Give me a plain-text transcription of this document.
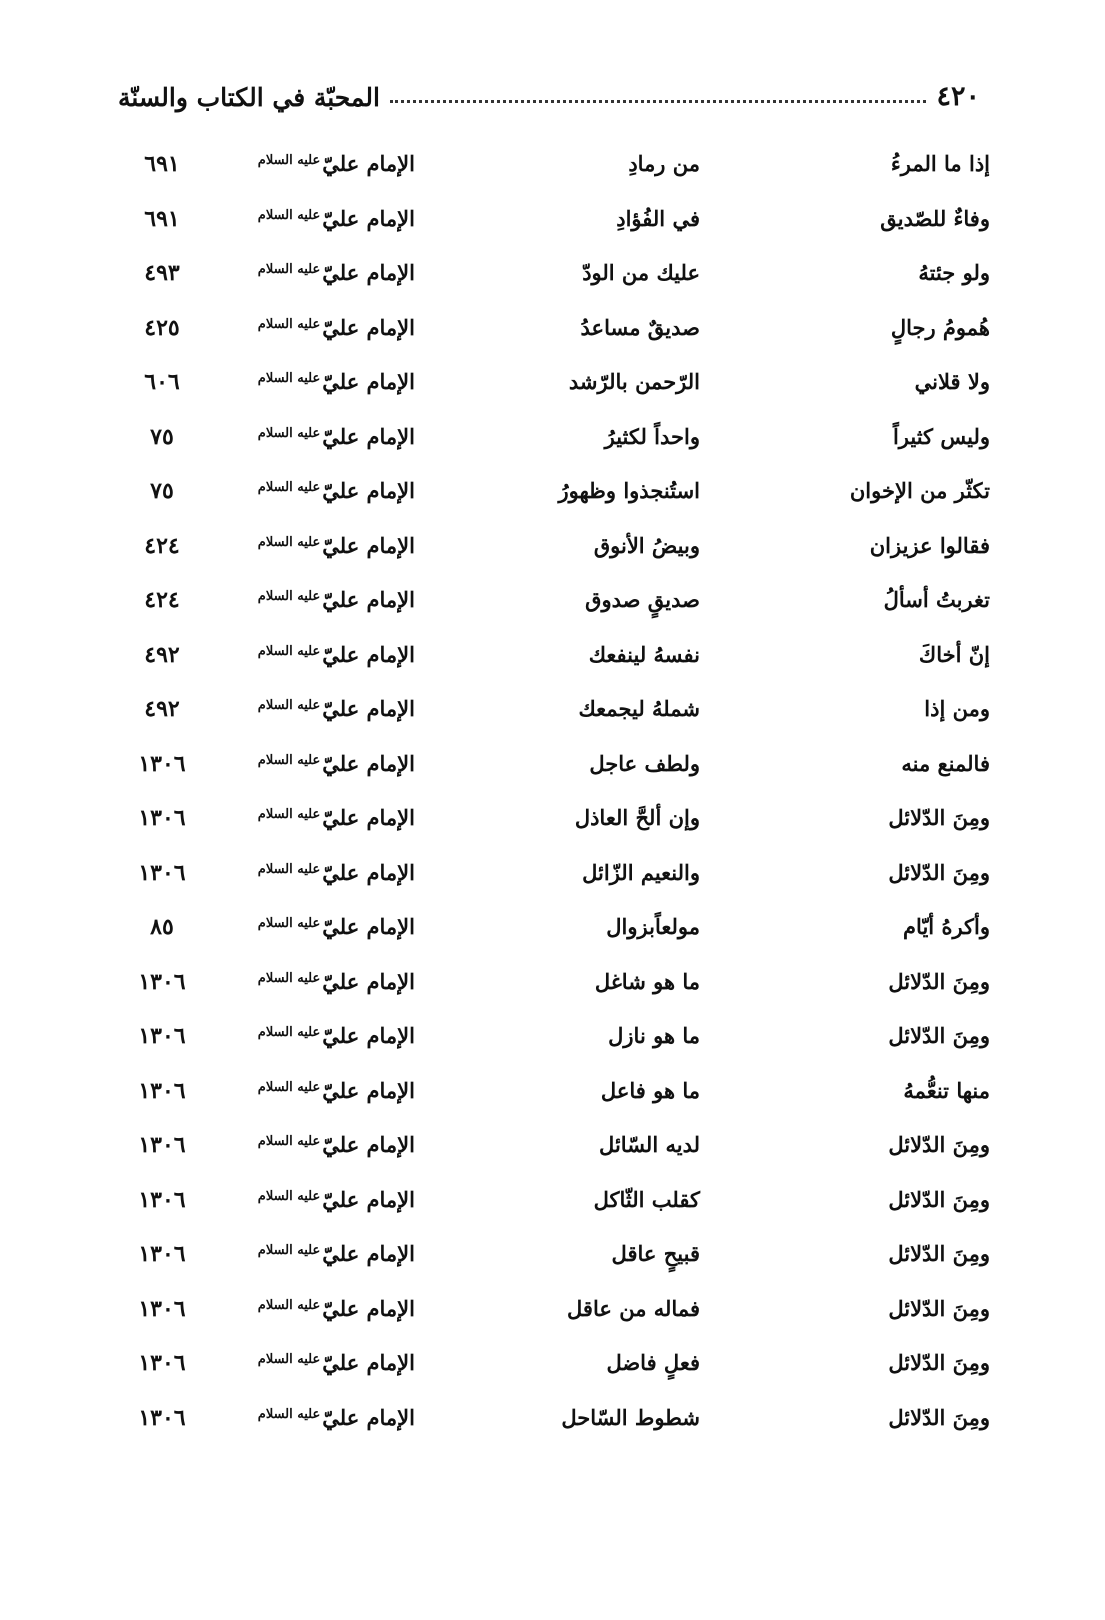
٤٢٠
المحبّة في الكتاب والسنّة
إذا ما المرءُ
من رمادِ
الإمام عليّ
عليه السلام
٦٩١
وفاءٌ للصّديق
في الفُؤادِ
الإمام عليّ
عليه السلام
٦٩١
ولو جئتهُ
عليك من الودّ
الإمام عليّ
عليه السلام
٤٩٣
هُمومُ رجالٍ
صديقٌ مساعدُ
الإمام عليّ
عليه السلام
٤٢٥
ولا قلاني
الرّحمن بالرّشد
الإمام عليّ
عليه السلام
٦٠٦
وليس كثيراً
واحداً لكثيرُ
الإمام عليّ
عليه السلام
٧٥
تكثّر من الإخوان
استُنجذوا وظهورُ
الإمام عليّ
عليه السلام
٧٥
فقالوا عزيزان
وبيضُ الأنوق
الإمام عليّ
عليه السلام
٤٢٤
تغربتُ أسألُ
صديقٍ صدوق
الإمام عليّ
عليه السلام
٤٢٤
إنّ أخاكَ
نفسهُ لينفعك
الإمام عليّ
عليه السلام
٤٩٢
ومن إذا
شملهُ ليجمعك
الإمام عليّ
عليه السلام
٤٩٢
فالمنع منه
ولطف عاجل
الإمام عليّ
عليه السلام
١٣٠٦
ومِنَ الدّلائل
وإن ألحَّ العاذل
الإمام عليّ
عليه السلام
١٣٠٦
ومِنَ الدّلائل
والنعيم الزّائل
الإمام عليّ
عليه السلام
١٣٠٦
وأكرهُ أيّام
مولعاًبزوال
الإمام عليّ
عليه السلام
٨٥
ومِنَ الدّلائل
ما هو شاغل
الإمام عليّ
عليه السلام
١٣٠٦
ومِنَ الدّلائل
ما هو نازل
الإمام عليّ
عليه السلام
١٣٠٦
منها تنعُّمهُ
ما هو فاعل
الإمام عليّ
عليه السلام
١٣٠٦
ومِنَ الدّلائل
لديه السّائل
الإمام عليّ
عليه السلام
١٣٠٦
ومِنَ الدّلائل
كقلب الثّاكل
الإمام عليّ
عليه السلام
١٣٠٦
ومِنَ الدّلائل
قبيحٍ عاقل
الإمام عليّ
عليه السلام
١٣٠٦
ومِنَ الدّلائل
فماله من عاقل
الإمام عليّ
عليه السلام
١٣٠٦
ومِنَ الدّلائل
فعلٍ فاضل
الإمام عليّ
عليه السلام
١٣٠٦
ومِنَ الدّلائل
شطوط السّاحل
الإمام عليّ
عليه السلام
١٣٠٦
